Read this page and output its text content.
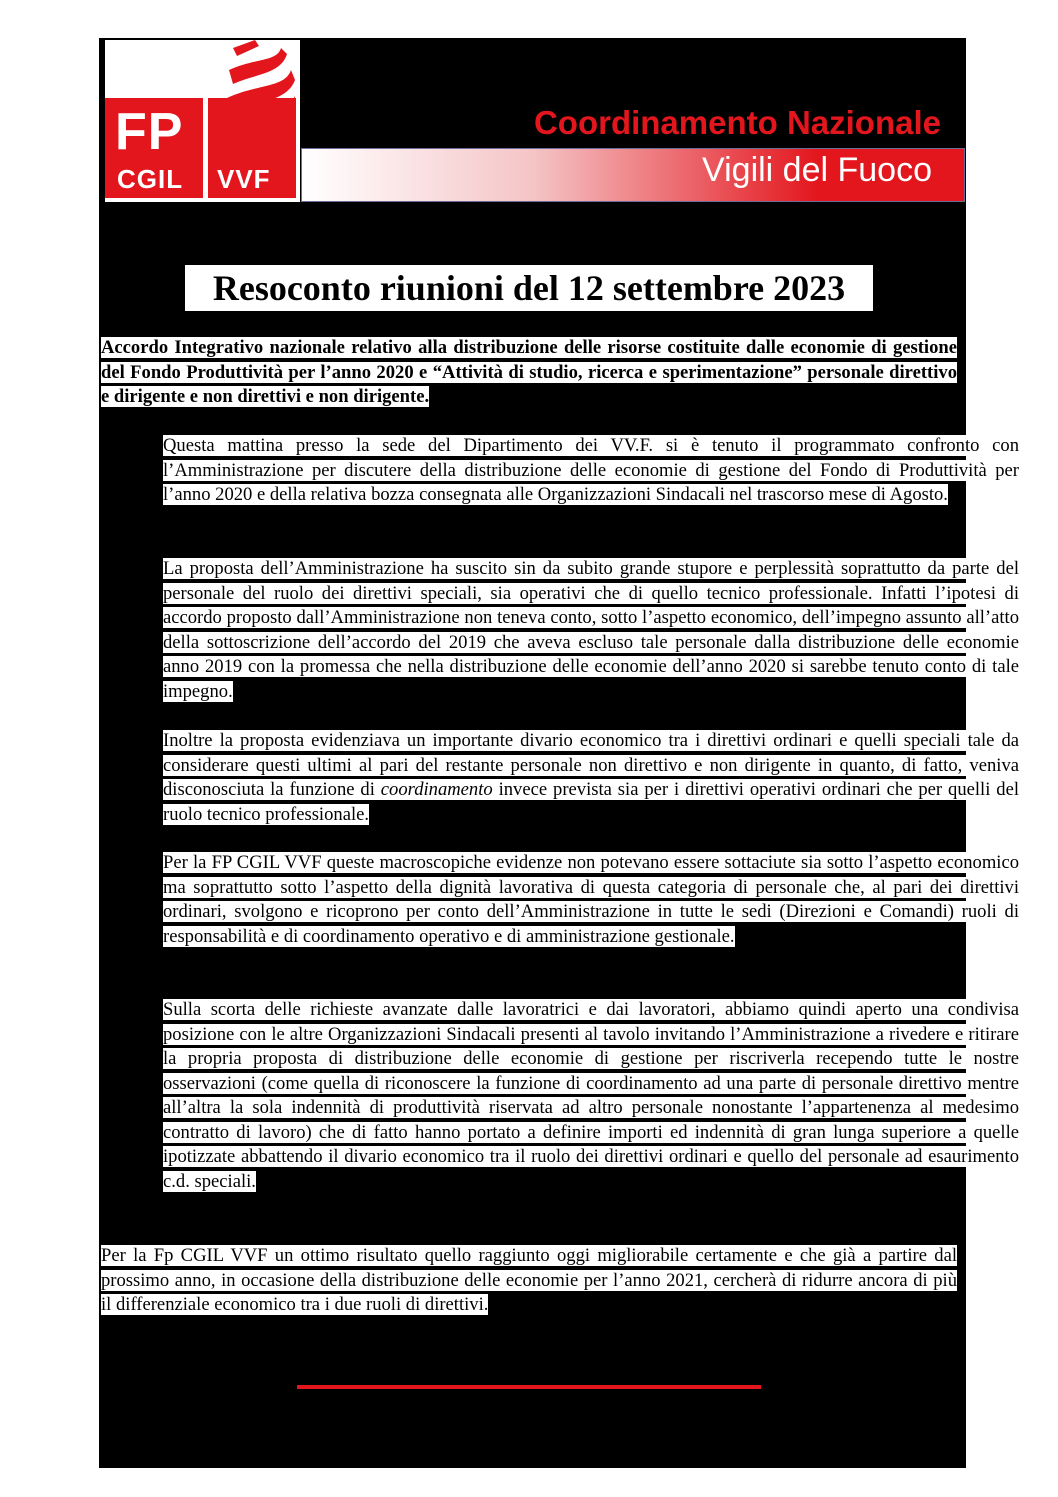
FP
CGIL VVF
Coordinamento Nazionale
Vigili del Fuoco
Resoconto riunioni del 12 settembre 2023

Accordo Integrativo nazionale relativo alla distribuzione delle risorse costituite dalle economie di gestione del Fondo Produttività per l’anno 2020 e “Attività di studio, ricerca e sperimentazione” personale direttivo e dirigente e non direttivi e non dirigente.

Questa mattina presso la sede del Dipartimento dei VV.F. si è tenuto il programmato confronto con l’Amministrazione per discutere della distribuzione delle economie di gestione del Fondo di Produttività per l’anno 2020 e della relativa bozza consegnata alle Organizzazioni Sindacali nel trascorso mese di Agosto.

La proposta dell’Amministrazione ha suscito sin da subito grande stupore e perplessità soprattutto da parte del personale del ruolo dei direttivi speciali, sia operativi che di quello tecnico professionale. Infatti l’ipotesi di accordo proposto dall’Amministrazione non teneva conto, sotto l’aspetto economico, dell’impegno assunto all’atto della sottoscrizione dell’accordo del 2019 che aveva escluso tale personale dalla distribuzione delle economie anno 2019 con la promessa che nella distribuzione delle economie dell’anno 2020 si sarebbe tenuto conto di tale impegno.

Inoltre la proposta evidenziava un importante divario economico tra i direttivi ordinari e quelli speciali tale da considerare questi ultimi al pari del restante personale non direttivo e non dirigente in quanto, di fatto, veniva disconosciuta la funzione di coordinamento invece prevista sia per i direttivi operativi ordinari che per quelli del ruolo tecnico professionale.

Per la FP CGIL VVF queste macroscopiche evidenze non potevano essere sottaciute sia sotto l’aspetto economico ma soprattutto sotto l’aspetto della dignità lavorativa di questa categoria di personale che, al pari dei direttivi ordinari, svolgono e ricoprono per conto dell’Amministrazione in tutte le sedi (Direzioni e Comandi) ruoli di responsabilità e di coordinamento operativo e di amministrazione gestionale.

Sulla scorta delle richieste avanzate dalle lavoratrici e dai lavoratori, abbiamo quindi aperto una condivisa posizione con le altre Organizzazioni Sindacali presenti al tavolo invitando l’Amministrazione a rivedere e ritirare la propria proposta di distribuzione delle economie di gestione per riscriverla recependo tutte le nostre osservazioni (come quella di riconoscere la funzione di coordinamento ad una parte di personale direttivo mentre all’altra la sola indennità di produttività riservata ad altro personale nonostante l’appartenenza al medesimo contratto di lavoro) che di fatto hanno portato a definire importi ed indennità di gran lunga superiore a quelle ipotizzate abbattendo il divario economico tra il ruolo dei direttivi ordinari e quello del personale ad esaurimento c.d. speciali.

Per la Fp CGIL VVF un ottimo risultato quello raggiunto oggi migliorabile certamente e che già a partire dal prossimo anno, in occasione della distribuzione delle economie per l’anno 2021, cercherà di ridurre ancora di più il differenziale economico tra i due ruoli di direttivi.
